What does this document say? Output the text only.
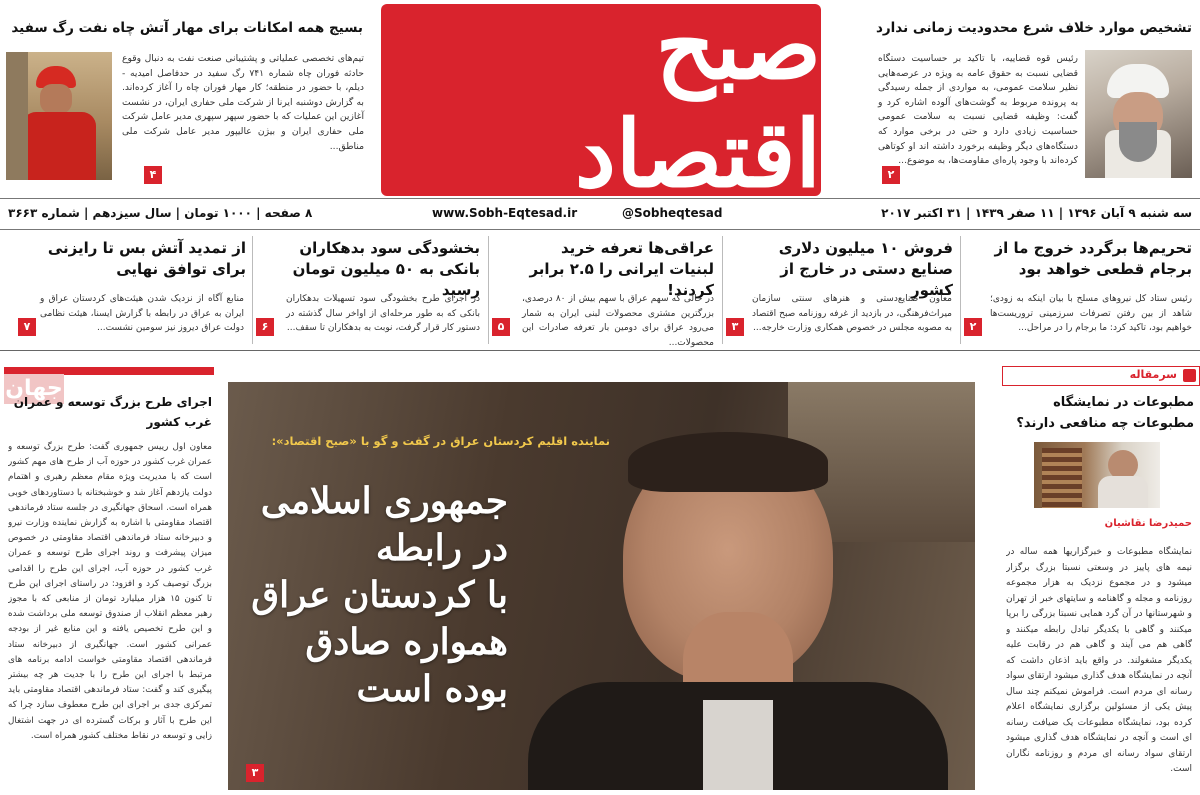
صبح اقتصاد
تشخیص موارد خلاف شرع محدودیت زمانی ندارد
رئیس قوه قضاییه، با تاکید بر حساسیت دستگاه قضایی نسبت به حقوق عامه به ویژه در عرصه‌هایی نظیر سلامت عمومی، به مواردی از جمله رسیدگی به پرونده مربوط به گوشت‌های آلوده اشاره کرد و گفت: وظیفه قضایی نسبت به سلامت عمومی حساسیت زیادی دارد و حتی در برخی موارد که دستگاه‌های دیگر وظیفه برخورد داشته اند او کوتاهی کرده‌اند با وجود پاره‌ای مقاومت‌ها، به موضوع...
۲
بسیج همه امکانات برای مهار آتش چاه نفت رگ سفید
تیم‌های تخصصی عملیاتی و پشتیبانی صنعت نفت به دنبال وقوع حادثه فوران چاه شماره ۷۴۱ رگ سفید در حدفاصل امیدیه - دیلم، با حضور در منطقه؛ کار مهار فوران چاه را آغاز کرده‌اند. به گزارش دوشنبه ایرنا از شرکت ملی حفاری ایران، در نشست آغازین این عملیات که با حضور سپهر سپهری مدیر عامل شرکت ملی حفاری ایران و بیژن عالیپور مدیر عامل شرکت ملی مناطق...
۴
سه شنبه ۹ آبان ۱۳۹۶ | ۱۱ صفر ۱۴۳۹ | ۳۱ اکتبر ۲۰۱۷
@Sobheqtesad
www.Sobh-Eqtesad.ir
۸ صفحه | ۱۰۰۰ تومان | سال سیزدهم | شماره ۳۶۶۳
تحریم‌ها برگردد خروج ما از برجام قطعی خواهد بود
رئیس ستاد کل نیروهای مسلح با بیان اینکه به زودی؛ شاهد از بین رفتن تصرفات سرزمینی تروریست‌ها خواهیم بود، تاکید کرد: ما برجام را در مراحل...
۲
فروش ۱۰ میلیون دلاری صنایع دستی در خارج از کشور
معاون صنایع‌دستی و هنرهای سنتی سازمان میراث‌فرهنگی، در بازدید از غرفه روزنامه صبح اقتصاد به مصوبه مجلس در خصوص همکاری وزارت خارجه...
۳
عراقی‌ها تعرفه خرید لبنیات ایرانی را ۲.۵ برابر کردند!
در حالی که سهم عراق با سهم بیش از ۸۰ درصدی، بزرگترین مشتری محصولات لبنی ایران به شمار می‌رود عراق برای دومین بار تعرفه صادرات این محصولات...
۵
بخشودگی سود بدهکاران بانکی به ۵۰ میلیون تومان رسید
در اجرای طرح بخشودگی سود تسهیلات بدهکاران بانکی که به طور مرحله‌ای از اواخر سال گذشته در دستور کار قرار گرفت، نوبت به بدهکاران تا سقف...
۶
از تمدید آتش بس تا رایزنی برای توافق نهایی
منابع آگاه از نزدیک شدن هیئت‌های کردستان عراق و ایران به عراق در رابطه با گزارش ایسنا، هیئت نظامی دولت عراق دیروز نیز سومین نشست...
۷
سرمقاله
مطبوعات در نمایشگاه مطبوعات چه منافعی دارند؟
حمیدرضا نقاشیان
نمایشگاه مطبوعات و خبرگزاریها همه ساله در نیمه های پاییز در وسعتی نسبتا بزرگ برگزار میشود و در مجموع نزدیک به هزار مجموعه روزنامه و مجله و گاهنامه و سایتهای خبر از تهران و شهرستانها در آن گرد همایی نسبتا بزرگی را برپا میکنند و گاهی با یکدیگر تبادل رابطه میکنند و گاهی هم می آیند و گاهی هم در رقابت علیه یکدیگر مشغولند. در واقع باید اذعان داشت که آنچه در نمایشگاه هدف گذاری میشود ارتقای سواد رسانه ای مردم است. فراموش نمیکنم چند سال پیش یکی از مسئولین برگزاری نمایشگاه اعلام کرده بود، نمایشگاه مطبوعات یک ضیافت رسانه ای است و آنچه در نمایشگاه هدف گذاری میشود ارتقای سواد رسانه ای مردم و روزنامه نگاران است.
نماینده اقلیم کردستان عراق در گفت و گو با «صبح اقتصاد»:
جمهوری اسلامی
در رابطه
با کردستان عراق
همواره صادق
بوده است
۳
جهان
اجرای طرح بزرگ توسعه و عمران غرب کشور
معاون اول رییس جمهوری گفت: طرح بزرگ توسعه و عمران غرب کشور در حوزه آب از طرح های مهم کشور است که با مدیریت ویژه مقام معظم رهبری و اهتمام دولت یازدهم آغاز شد و خوشبختانه با دستاوردهای خوبی همراه است. اسحاق جهانگیری در جلسه ستاد فرماندهی اقتصاد مقاومتی با اشاره به گزارش نماینده وزارت نیرو و دبیرخانه ستاد فرماندهی اقتصاد مقاومتی در خصوص میزان پیشرفت و روند اجرای طرح توسعه و عمران غرب کشور در حوزه آب، اجرای این طرح را اقدامی بزرگ توصیف کرد و افزود: در راستای اجرای این طرح تا کنون ۱۵ هزار میلیارد تومان از منابعی که با مجوز رهبر معظم انقلاب از صندوق توسعه ملی برداشت شده و این طرح تخصیص یافته و این منابع غیر از بودجه عمرانی کشور است. جهانگیری از دبیرخانه ستاد فرماندهی اقتصاد مقاومتی خواست ادامه برنامه های مرتبط با اجرای این طرح را با جدیت هر چه بیشتر پیگیری کند و گفت: ستاد فرماندهی اقتصاد مقاومتی باید تمرکزی جدی بر اجرای این طرح معطوف سازد چرا که این طرح با آثار و برکات گسترده ای در جهت اشتغال زایی و توسعه در نقاط مختلف کشور همراه است.
